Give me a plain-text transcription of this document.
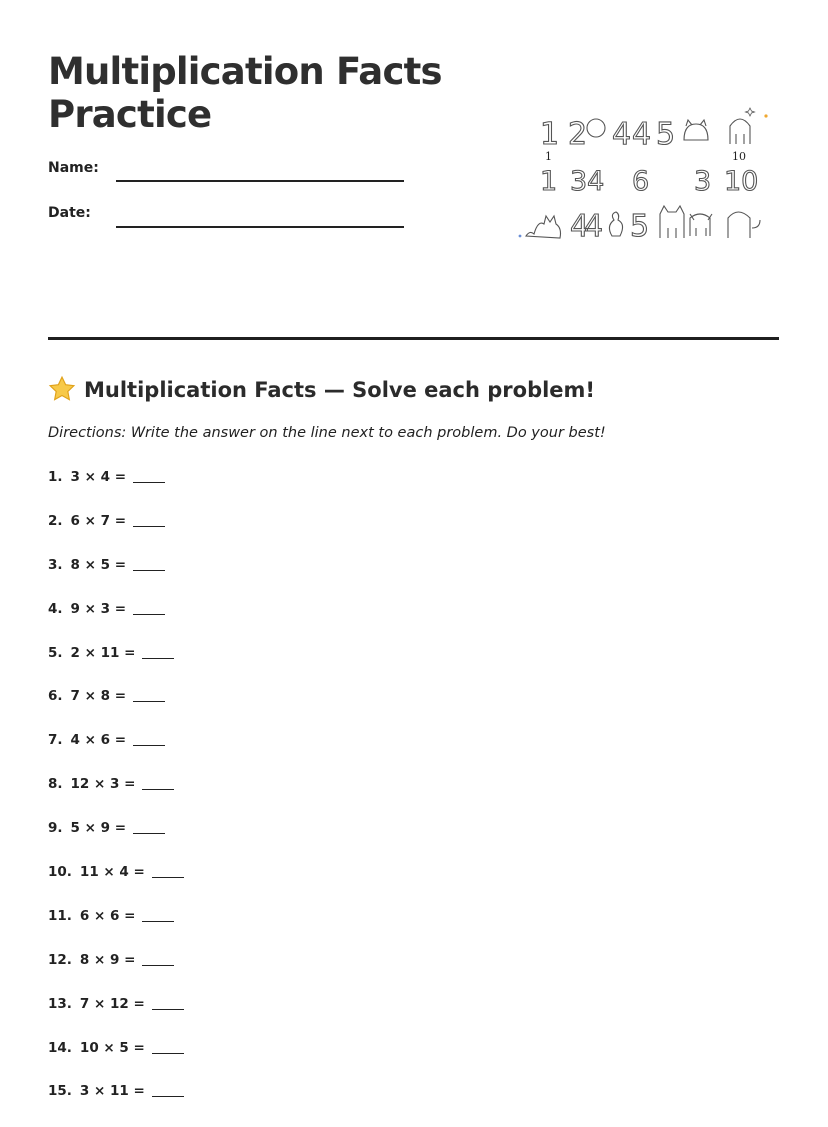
Multiplication Facts
Practice
Name:
Date:
1 2 4 4 5
1 34 6 3 10
4
4 5
1	10
Multiplication Facts — Solve each problem!
Directions: Write the answer on the line next to each problem. Do your best!
1. 3 × 4 =
2. 6 × 7 =
3. 8 × 5 =
4. 9 × 3 =
5. 2 × 11 =
6. 7 × 8 =
7. 4 × 6 =
8. 12 × 3 =
9. 5 × 9 =
10. 11 × 4 =
11. 6 × 6 =
12. 8 × 9 =
13. 7 × 12 =
14. 10 × 5 =
15. 3 × 11 =
